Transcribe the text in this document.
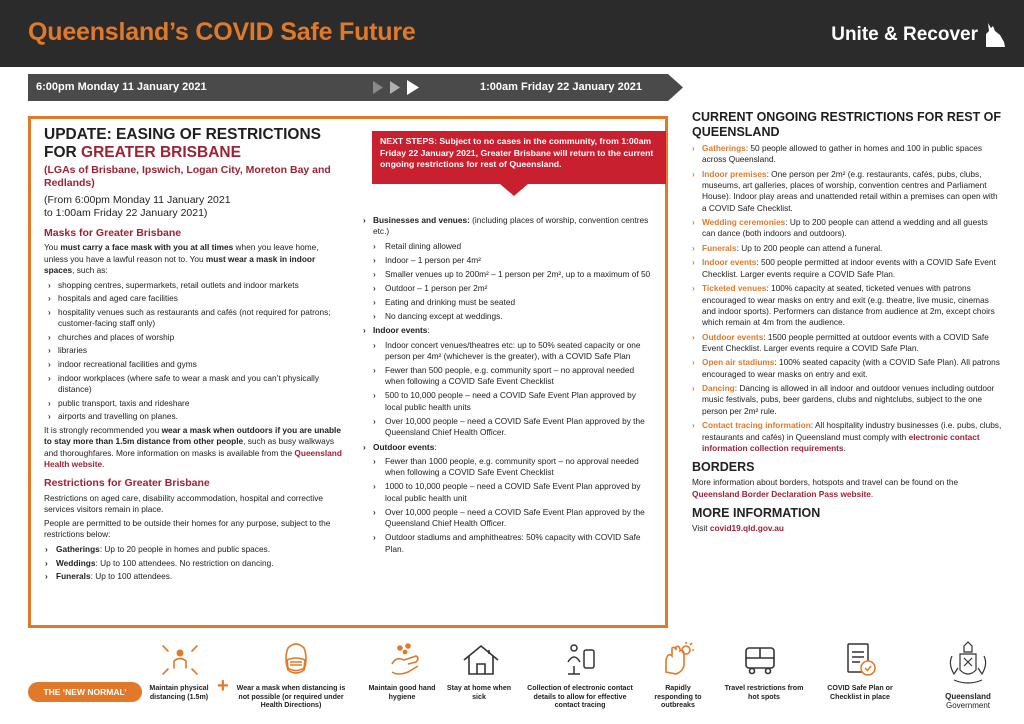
Queensland’s COVID Safe Future	Unite & Recover
6:00pm Monday 11 January 2021	1:00am Friday 22 January 2021
UPDATE: EASING OF RESTRICTIONS
FOR GREATER BRISBANE
(LGAs of Brisbane, Ipswich, Logan City, Moreton Bay and Redlands)
(From 6:00pm Monday 11 January 2021
to 1:00am Friday 22 January 2021)
Masks for Greater Brisbane
You must carry a face mask with you at all times when you leave home, unless you have a lawful reason not to. You must wear a mask in indoor spaces, such as:
› shopping centres, supermarkets, retail outlets and indoor markets
› hospitals and aged care facilities
› hospitality venues such as restaurants and cafés (not required for patrons; customer-facing staff only)
› churches and places of worship
› libraries
› indoor recreational facilities and gyms
› indoor workplaces (where safe to wear a mask and you can’t physically distance)
› public transport, taxis and rideshare
› airports and travelling on planes.
It is strongly recommended you wear a mask when outdoors if you are unable to stay more than 1.5m distance from other people, such as busy walkways and thoroughfares. More information on masks is available from the Queensland Health website.
Restrictions for Greater Brisbane
Restrictions on aged care, disability accommodation, hospital and corrective services visitors remain in place.
People are permitted to be outside their homes for any purpose, subject to the restrictions below:
› Gatherings: Up to 20 people in homes and public spaces.
› Weddings: Up to 100 attendees. No restriction on dancing.
› Funerals: Up to 100 attendees.
NEXT STEPS: Subject to no cases in the community, from 1:00am Friday 22 January 2021, Greater Brisbane will return to the current ongoing restrictions for rest of Queensland.
› Businesses and venues: (including places of worship, convention centres etc.)
› Retail dining allowed
› Indoor – 1 person per 4m²
› Smaller venues up to 200m² – 1 person per 2m², up to a maximum of 50
› Outdoor – 1 person per 2m²
› Eating and drinking must be seated
› No dancing except at weddings.
› Indoor events:
› Indoor concert venues/theatres etc: up to 50% seated capacity or one person per 4m² (whichever is the greater), with a COVID Safe Plan
› Fewer than 500 people, e.g. community sport – no approval needed when following a COVID Safe Event Checklist
› 500 to 10,000 people – need a COVID Safe Event Plan approved by local public health units
› Over 10,000 people – need a COVID Safe Event Plan approved by the Queensland Chief Health Officer.
› Outdoor events:
› Fewer than 1000 people, e.g. community sport – no approval needed when following a COVID Safe Event Checklist
› 1000 to 10,000 people – need a COVID Safe Event Plan approved by local public health unit
› Over 10,000 people – need a COVID Safe Event Plan approved by the Queensland Chief Health Officer.
› Outdoor stadiums and amphitheatres: 50% capacity with COVID Safe Plan.
CURRENT ONGOING RESTRICTIONS FOR REST OF QUEENSLAND
› Gatherings: 50 people allowed to gather in homes and 100 in public spaces across Queensland.
› Indoor premises: One person per 2m² (e.g. restaurants, cafés, pubs, clubs, museums, art galleries, places of worship, convention centres and Parliament House). Indoor play areas and unattended retail within a premises can open with a COVID Safe Checklist.
› Wedding ceremonies: Up to 200 people can attend a wedding and all guests can dance (both indoors and outdoors).
› Funerals: Up to 200 people can attend a funeral.
› Indoor events: 500 people permitted at indoor events with a COVID Safe Event Checklist. Larger events require a COVID Safe Plan.
› Ticketed venues: 100% capacity at seated, ticketed venues with patrons encouraged to wear masks on entry and exit (e.g. theatre, live music, cinemas and indoor sports). Performers can distance from audience at 2m, except choirs which remain at 4m from the audience.
› Outdoor events: 1500 people permitted at outdoor events with a COVID Safe Event Checklist. Larger events require a COVID Safe Plan.
› Open air stadiums: 100% seated capacity (with a COVID Safe Plan). All patrons encouraged to wear masks on entry and exit.
› Dancing: Dancing is allowed in all indoor and outdoor venues including outdoor music festivals, pubs, beer gardens, clubs and nightclubs, subject to the one person per 2m² rule.
› Contact tracing information: All hospitality industry businesses (i.e. pubs, clubs, restaurants and cafés) in Queensland must comply with electronic contact information collection requirements.
BORDERS
More information about borders, hotspots and travel can be found on the Queensland Border Declaration Pass website.
MORE INFORMATION
Visit covid19.qld.gov.au
THE ‘NEW NORMAL’	+
Maintain physical distancing (1.5m)
Wear a mask when distancing is not possible (or required under Health Directions)
Maintain good hand hygiene
Stay at home when sick
Collection of electronic contact details to allow for effective contact tracing
Rapidly responding to outbreaks
Travel restrictions from hot spots
COVID Safe Plan or Checklist in place	Queensland
Government
